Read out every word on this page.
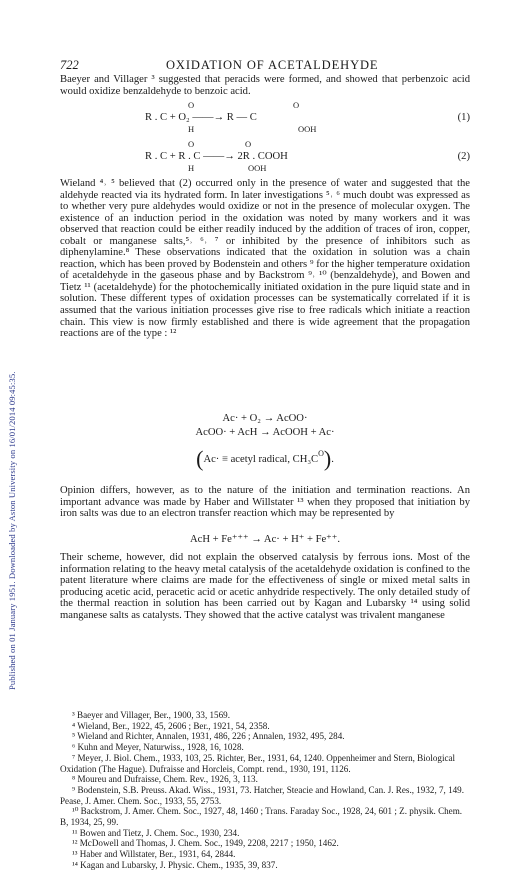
Published on 01 January 1951. Downloaded by Aston University on 16/01/2014 09:45:35.
722	OXIDATION OF ACETALDEHYDE

Baeyer and Villager ³ suggested that peracids were formed, and showed that perbenzoic acid would oxidize benzaldehyde to benzoic acid.

O	O
R . C + O₂ ——→ R — C
H	OOH
(1)
O	O
R . C + R . C ——→ 2R . COOH
H	OOH
(2)

Wieland ⁴˒ ⁵ believed that (2) occurred only in the presence of water and suggested that the aldehyde reacted via its hydrated form. In later investigations ⁵˒ ⁶ much doubt was expressed as to whether very pure aldehydes would oxidize or not in the presence of molecular oxygen. The existence of an induction period in the oxidation was noted by many workers and it was observed that reaction could be either readily induced by the addition of traces of iron, copper, cobalt or manganese salts,⁵˒ ⁶˒ ⁷ or inhibited by the presence of inhibitors such as diphenylamine.⁸ These observations indicated that the oxidation in solution was a chain reaction, which has been proved by Bodenstein and others ⁹ for the higher temperature oxidation of acetaldehyde in the gaseous phase and by Backstrom ⁹˒ ¹⁰ (benzaldehyde), and Bowen and Tietz ¹¹ (acetaldehyde) for the photochemically initiated oxidation in the pure liquid state and in solution. These different types of oxidation processes can be systematically correlated if it is assumed that the various initiation processes give rise to free radicals which initiate a reaction chain. This view is now firmly established and there is wide agreement that the propagation reactions are of the type : ¹²

Ac· + O₂ → AcOO·
AcOO· + AcH → AcOOH + Ac·
(Ac· ≡ acetyl radical, $CH_3C^O$).

Opinion differs, however, as to the nature of the initiation and termination reactions. An important advance was made by Haber and Willstater ¹³ when they proposed that initiation by iron salts was due to an electron transfer reaction which may be represented by

AcH + Fe⁺⁺⁺ → Ac· + H⁺ + Fe⁺⁺.

Their scheme, however, did not explain the observed catalysis by ferrous ions. Most of the information relating to the heavy metal catalysis of the acetaldehyde oxidation is confined to the patent literature where claims are made for the effectiveness of single or mixed metal salts in producing acetic acid, peracetic acid or acetic anhydride respectively. The only detailed study of the thermal reaction in solution has been carried out by Kagan and Lubarsky ¹⁴ using solid manganese salts as catalysts. They showed that the active catalyst was trivalent manganese

³ Baeyer and Villager, Ber., 1900, 33, 1569.

⁴ Wieland, Ber., 1922, 45, 2606 ; Ber., 1921, 54, 2358.

⁵ Wieland and Richter, Annalen, 1931, 486, 226 ; Annalen, 1932, 495, 284.

⁶ Kuhn and Meyer, Naturwiss., 1928, 16, 1028.

⁷ Meyer, J. Biol. Chem., 1933, 103, 25. Richter, Ber., 1931, 64, 1240. Oppenheimer and Stern, Biological Oxidation (The Hague). Dufraisse and Horcleis, Compt. rend., 1930, 191, 1126.

⁸ Moureu and Dufraisse, Chem. Rev., 1926, 3, 113.

⁹ Bodenstein, S.B. Preuss. Akad. Wiss., 1931, 73. Hatcher, Steacie and Howland, Can. J. Res., 1932, 7, 149. Pease, J. Amer. Chem. Soc., 1933, 55, 2753.

¹⁰ Backstrom, J. Amer. Chem. Soc., 1927, 48, 1460 ; Trans. Faraday Soc., 1928, 24, 601 ; Z. physik. Chem. B, 1934, 25, 99.

¹¹ Bowen and Tietz, J. Chem. Soc., 1930, 234.

¹² McDowell and Thomas, J. Chem. Soc., 1949, 2208, 2217 ; 1950, 1462.

¹³ Haber and Willstater, Ber., 1931, 64, 2844.

¹⁴ Kagan and Lubarsky, J. Physic. Chem., 1935, 39, 837.
